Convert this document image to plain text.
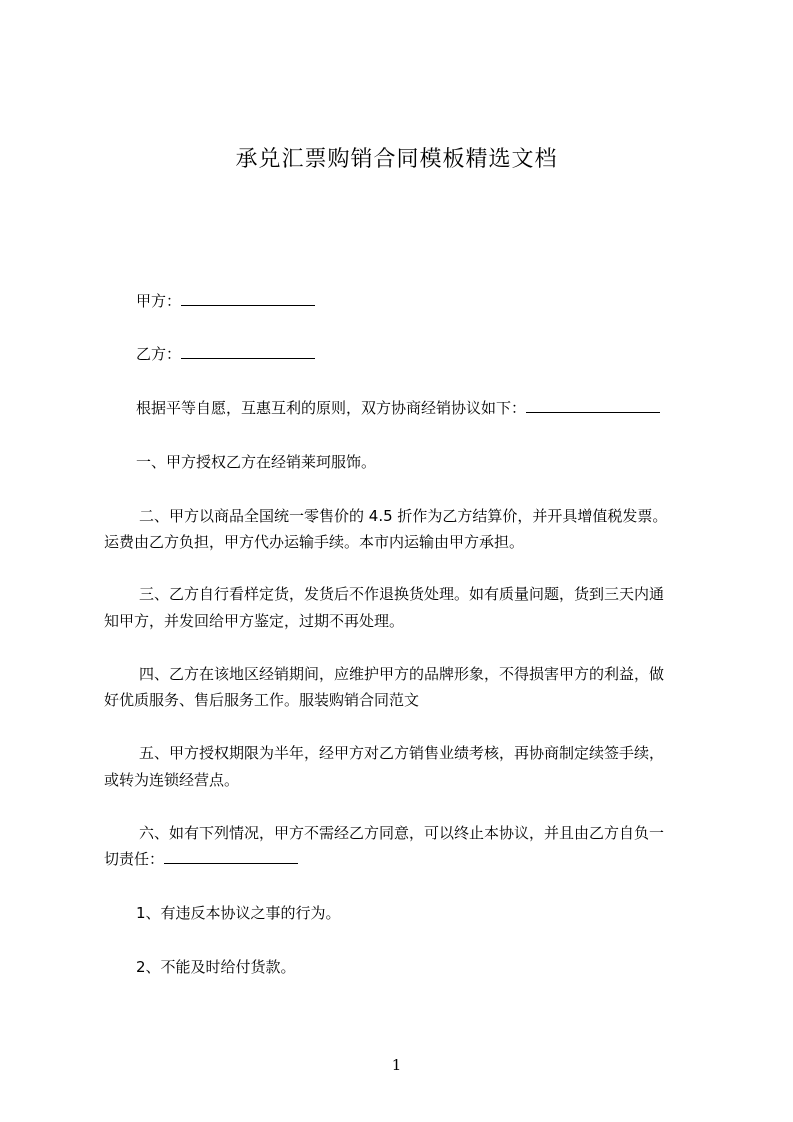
承兑汇票购销合同模板精选文档
甲方：
乙方：
根据平等自愿，互惠互利的原则，双方协商经销协议如下：
一、甲方授权乙方在经销莱珂服饰。
二、甲方以商品全国统一零售价的 4.5 折作为乙方结算价，并开具增值税发票。
运费由乙方负担，甲方代办运输手续。本市内运输由甲方承担。
三、乙方自行看样定货，发货后不作退换货处理。如有质量问题，货到三天内通
知甲方，并发回给甲方鉴定，过期不再处理。
四、乙方在该地区经销期间，应维护甲方的品牌形象，不得损害甲方的利益，做
好优质服务、售后服务工作。服装购销合同范文
五、甲方授权期限为半年，经甲方对乙方销售业绩考核，再协商制定续签手续，
或转为连锁经营点。
六、如有下列情况，甲方不需经乙方同意，可以终止本协议，并且由乙方自负一
切责任：
1、有违反本协议之事的行为。
2、不能及时给付货款。
1
